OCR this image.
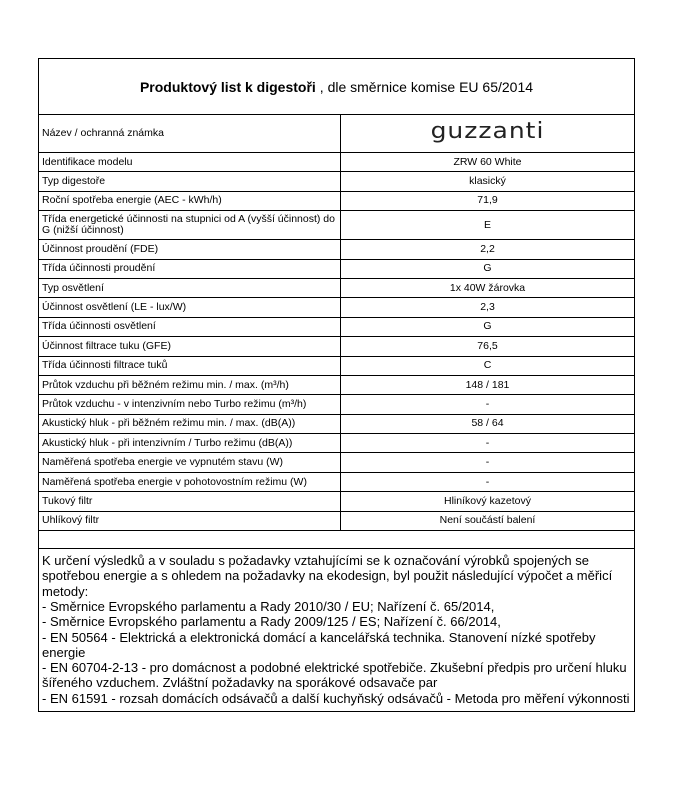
Produktový list k digestoři , dle směrnice komise EU 65/2014
Název / ochranná známka	guzzanti
Identifikace modelu	ZRW 60 White
Typ digestoře	klasický
Roční spotřeba energie (AEC - kWh/h)	71,9
Třída energetické účinnosti na stupnici od A (vyšší účinnost) do G (nižší účinnost)	E
Účinnost proudění (FDE)	2,2
Třída účinnosti proudění	G
Typ osvětlení	1x 40W žárovka
Účinnost osvětlení (LE - lux/W)	2,3
Třída účinnosti osvětlení	G
Účinnost filtrace tuku (GFE)	76,5
Třída účinnosti filtrace tuků	C
Průtok vzduchu při běžném režimu min. / max. (m³/h)	148 / 181
Průtok vzduchu - v intenzivním nebo Turbo režimu (m³/h)	-
Akustický hluk - při běžném režimu min. / max. (dB(A))	58 / 64
Akustický hluk - při intenzivním / Turbo režimu (dB(A))	-
Naměřená spotřeba energie ve vypnutém stavu (W)	-
Naměřená spotřeba energie v pohotovostním režimu (W)	-
Tukový filtr	Hliníkový kazetový
Uhlíkový filtr	Není součástí balení

K určení výsledků a v souladu s požadavky vztahujícími se k označování výrobků spojených se spotřebou energie a s ohledem na požadavky na ekodesign, byl použit následující výpočet a měřicí metody:

- Směrnice Evropského parlamentu a Rady 2010/30 / EU; Nařízení č. 65/2014,

- Směrnice Evropského parlamentu a Rady 2009/125 / ES; Nařízení č. 66/2014,

- EN 50564 - Elektrická a elektronická domácí a kancelářská technika. Stanovení nízké spotřeby energie

- EN 60704-2-13 - pro domácnost a podobné elektrické spotřebiče. Zkušební předpis pro určení hluku šířeného vzduchem. Zvláštní požadavky na sporákové odsavače par

- EN 61591 - rozsah domácích odsávačů a další kuchyňský odsávačů - Metoda pro měření výkonnosti
